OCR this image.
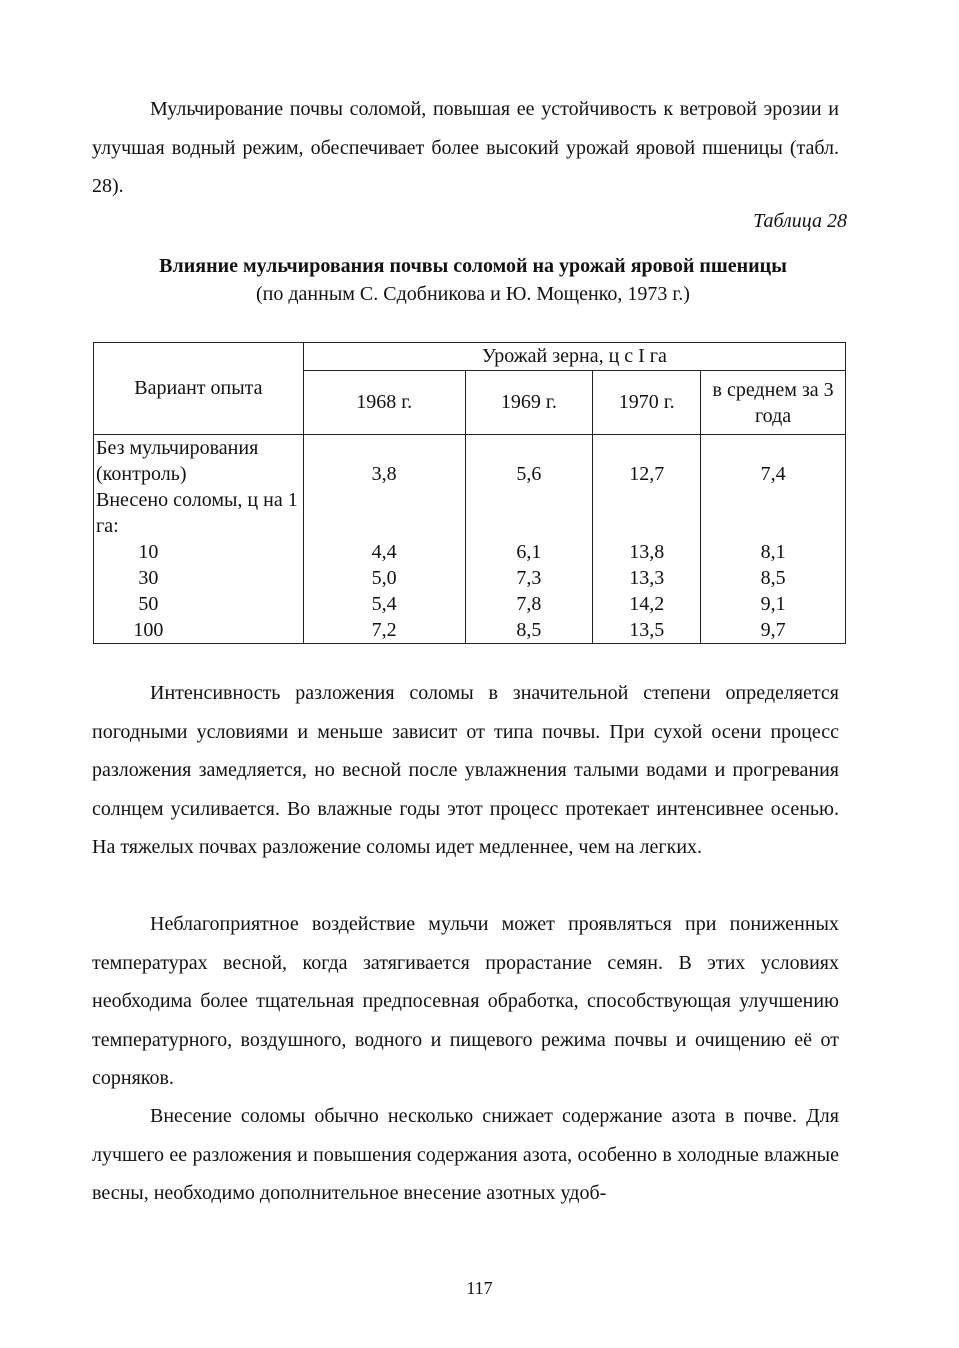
Мульчирование почвы соломой, повышая ее устойчивость к ветровой эрозии и улучшая водный режим, обеспечивает более высокий урожай яровой пшеницы (табл. 28).

Таблица 28

Влияние мульчирования почвы соломой на урожай яровой пшеницы
(по данным С. Сдобникова и Ю. Мощенко, 1973 г.)

Вариант опыта	Урожай зерна, ц с I га			
	1968 г.	1969 г.	1970 г.	в среднем за 3 года
Без мульчирования (контроль)	3,8	5,6	12,7	7,4
Внесено соломы, ц на 1 га:				
10	4,4	6,1	13,8	8,1
30	5,0	7,3	13,3	8,5
50	5,4	7,8	14,2	9,1
100	7,2	8,5	13,5	9,7

Интенсивность разложения соломы в значительной степени определяется погодными условиями и меньше зависит от типа почвы. При сухой осени процесс разложения замедляется, но весной после увлажнения талыми водами и прогревания солнцем усиливается. Во влажные годы этот процесс протекает интенсивнее осенью. На тяжелых почвах разложение соломы идет медленнее, чем на легких.

Неблагоприятное воздействие мульчи может проявляться при пониженных температурах весной, когда затягивается прорастание семян. В этих условиях необходима более тщательная предпосевная обработка, способствующая улучшению температурного, воздушного, водного и пищевого режима почвы и очищению её от сорняков.

Внесение соломы обычно несколько снижает содержание азота в почве. Для лучшего ее разложения и повышения содержания азота, особенно в холодные влажные весны, необходимо дополнительное внесение азотных удоб-

117
